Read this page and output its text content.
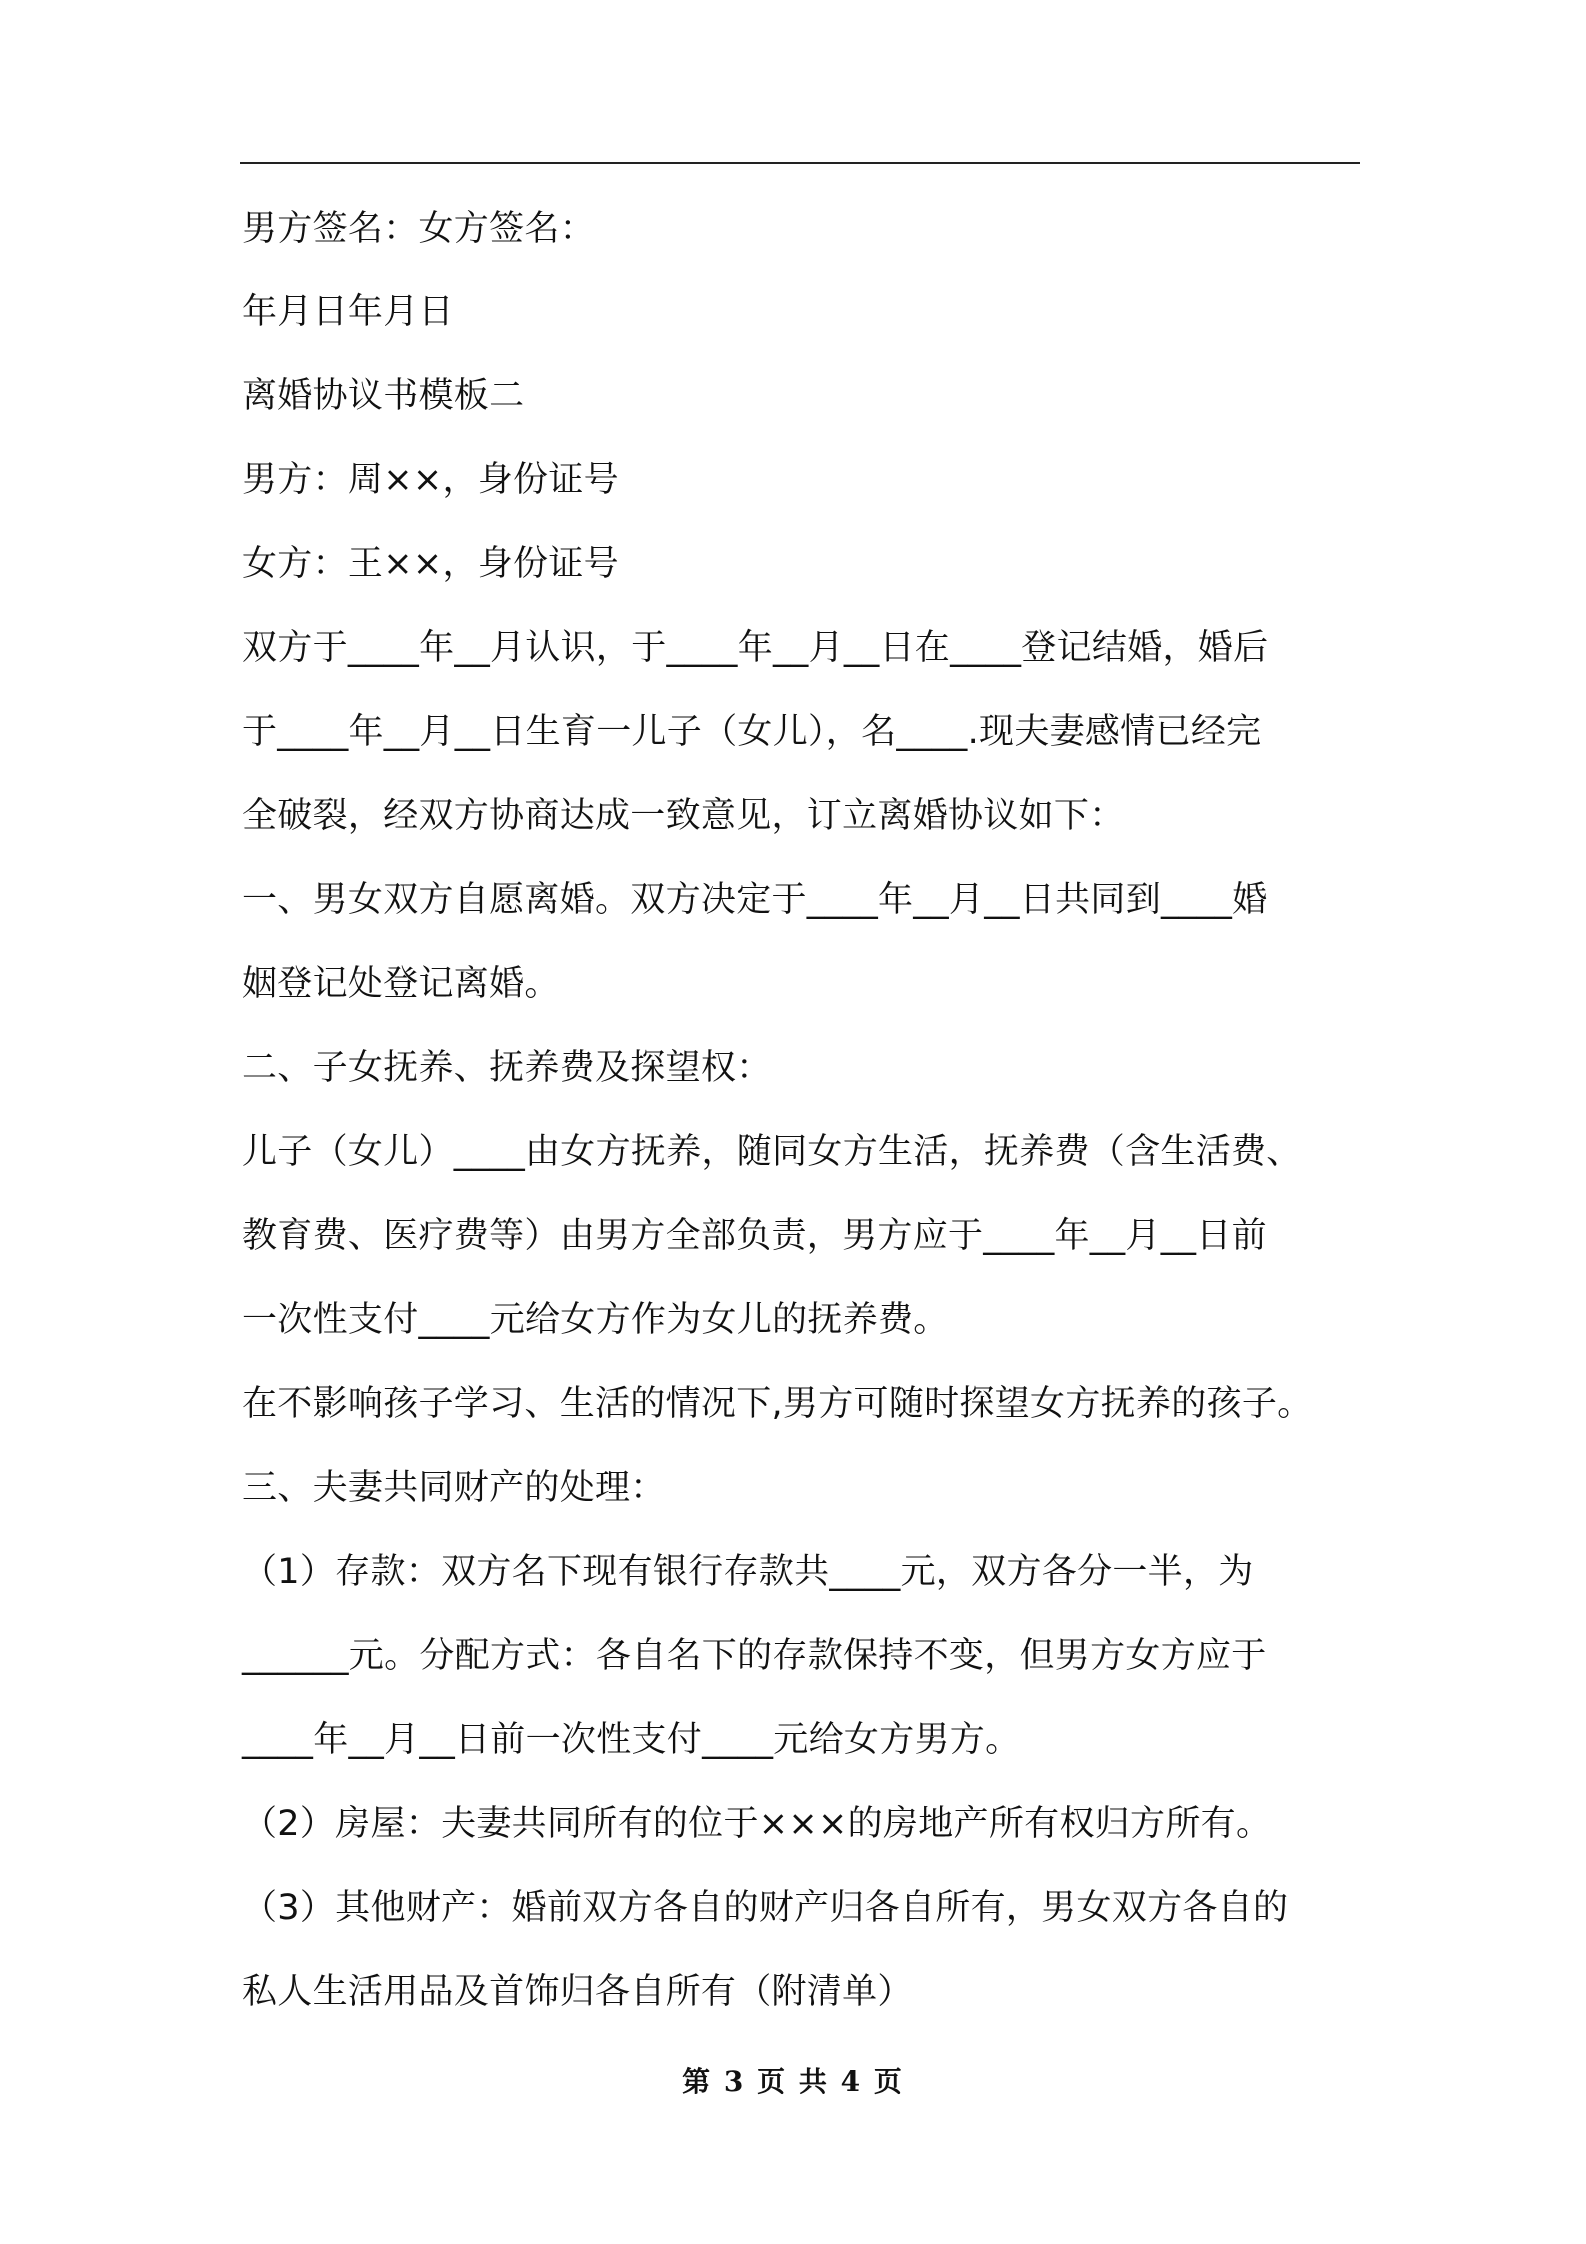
男方签名：女方签名：
年月日年月日
离婚协议书模板二
男方：周××，身份证号
女方：王××，身份证号
双方于____年__月认识，于____年__月__日在____登记结婚，婚后
于____年__月__日生育一儿子（女儿），名____.现夫妻感情已经完
全破裂，经双方协商达成一致意见，订立离婚协议如下：
一、男女双方自愿离婚。双方决定于____年__月__日共同到____婚
姻登记处登记离婚。
二、子女抚养、抚养费及探望权：
儿子（女儿）____由女方抚养，随同女方生活，抚养费（含生活费、
教育费、医疗费等）由男方全部负责，男方应于____年__月__日前
一次性支付____元给女方作为女儿的抚养费。
在不影响孩子学习、生活的情况下,男方可随时探望女方抚养的孩子。
三、夫妻共同财产的处理：
（1）存款：双方名下现有银行存款共____元，双方各分一半，为
______元。分配方式：各自名下的存款保持不变，但男方女方应于
____年__月__日前一次性支付____元给女方男方。
（2）房屋：夫妻共同所有的位于×××的房地产所有权归方所有。
（3）其他财产：婚前双方各自的财产归各自所有，男女双方各自的
私人生活用品及首饰归各自所有（附清单）
第 3 页 共 4 页
